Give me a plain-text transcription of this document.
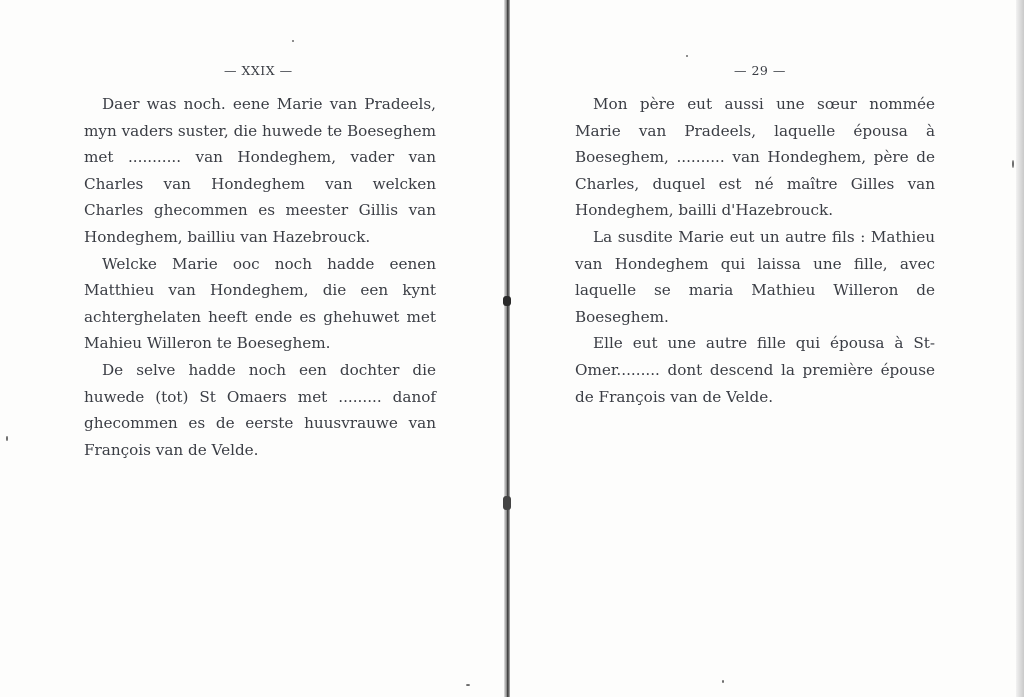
— XXIX —

Daer was noch. eene Marie van Pradeels, myn vaders suster, die huwede te Boeseghem met ........... van Hondeghem, vader van Charles van Hondeghem van welcken Charles ghecommen es meester Gillis van Hondeghem, bailliu van Hazebrouck.

Welcke Marie ooc noch hadde eenen Matthieu van Hondeghem, die een kynt achterghelaten heeft ende es ghehuwet met Mahieu Willeron te Boeseghem.

De selve hadde noch een dochter die huwede (tot) St Omaers met ......... danof ghecommen es de eerste huusvrauwe van François van de Velde.

— 29 —

Mon père eut aussi une sœur nommée Marie van Pradeels, laquelle épousa à Boeseghem, .......... van Hondeghem, père de Charles, duquel est né maître Gilles van Hondeghem, bailli d'Hazebrouck.

La susdite Marie eut un autre fils : Mathieu van Hondeghem qui laissa une fille, avec laquelle se maria Mathieu Willeron de Boeseghem.

Elle eut une autre fille qui épousa à St-Omer......... dont descend la première épouse de François van de Velde.
